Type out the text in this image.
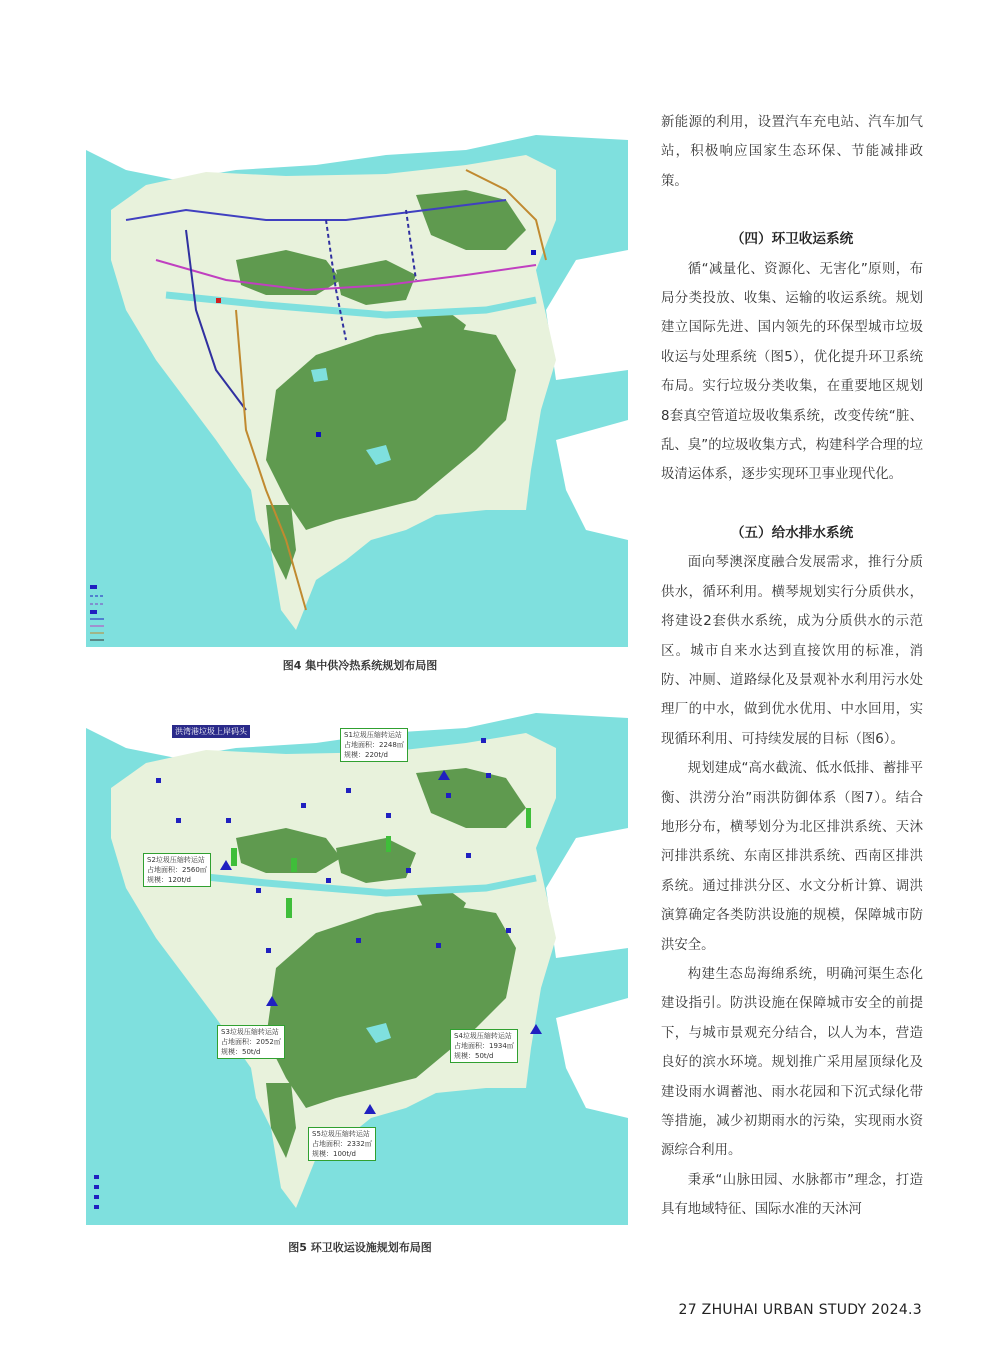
图4 集中供冷热系统规划布局图
图5 环卫收运设施规划布局图
洪湾港垃圾上岸码头	S1垃圾压缩转运站
占地面积：2248㎡
规模：220t/d
S2垃圾压缩转运站
占地面积：2560㎡
规模：120t/d
S3垃圾压缩转运站
占地面积：2052㎡
规模：50t/d
S4垃圾压缩转运站
占地面积：1934㎡
规模：50t/d
S5垃圾压缩转运站
占地面积：2332㎡
规模：100t/d

新能源的利用，设置汽车充电站、汽车加气站，积极响应国家生态环保、节能减排政策。

（四）环卫收运系统

循“减量化、资源化、无害化”原则，布局分类投放、收集、运输的收运系统。规划建立国际先进、国内领先的环保型城市垃圾收运与处理系统（图5），优化提升环卫系统布局。实行垃圾分类收集，在重要地区规划8套真空管道垃圾收集系统，改变传统“脏、乱、臭”的垃圾收集方式，构建科学合理的垃圾清运体系，逐步实现环卫事业现代化。

（五）给水排水系统

面向琴澳深度融合发展需求，推行分质供水，循环利用。横琴规划实行分质供水，将建设2套供水系统，成为分质供水的示范区。城市自来水达到直接饮用的标准，消防、冲厕、道路绿化及景观补水利用污水处理厂的中水，做到优水优用、中水回用，实现循环利用、可持续发展的目标（图6）。

规划建成“高水截流、低水低排、蓄排平衡、洪涝分治”雨洪防御体系（图7）。结合地形分布，横琴划分为北区排洪系统、天沐河排洪系统、东南区排洪系统、西南区排洪系统。通过排洪分区、水文分析计算、调洪演算确定各类防洪设施的规模，保障城市防洪安全。

构建生态岛海绵系统，明确河渠生态化建设指引。防洪设施在保障城市安全的前提下，与城市景观充分结合，以人为本，营造良好的滨水环境。规划推广采用屋顶绿化及建设雨水调蓄池、雨水花园和下沉式绿化带等措施，减少初期雨水的污染，实现雨水资源综合利用。

秉承“山脉田园、水脉都市”理念，打造具有地域特征、国际水准的天沐河

27 ZHUHAI URBAN STUDY 2024.3
